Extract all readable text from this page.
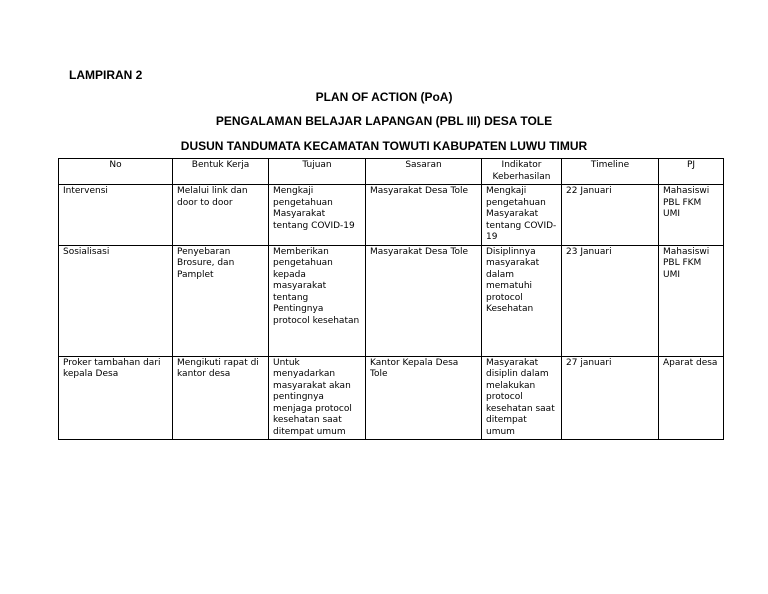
LAMPIRAN 2
PLAN OF ACTION (PoA)
PENGALAMAN BELAJAR LAPANGAN (PBL III) DESA TOLE
DUSUN TANDUMATA KECAMATAN TOWUTI KABUPATEN LUWU TIMUR
No	Bentuk Kerja	Tujuan	Sasaran	Indikator Keberhasilan	Timeline	PJ
Intervensi	Melalui link dan door to door	Mengkaji pengetahuan Masyarakat tentang COVID-19	Masyarakat Desa Tole	Mengkaji pengetahuan Masyarakat tentang COVID-19	22 Januari	Mahasiswi PBL FKM UMI
Sosialisasi	Penyebaran Brosure, dan Pamplet	Memberikan pengetahuan kepada masyarakat tentang Pentingnya protocol kesehatan	Masyarakat Desa Tole	Disiplinnya masyarakat dalam mematuhi protocol Kesehatan	23 Januari	Mahasiswi PBL FKM UMI
Proker tambahan dari kepala Desa	Mengikuti rapat di kantor desa	Untuk menyadarkan masyarakat akan pentingnya menjaga protocol kesehatan saat ditempat umum	Kantor Kepala Desa Tole	Masyarakat disiplin dalam melakukan protocol kesehatan saat ditempat umum	27 januari	Aparat desa
